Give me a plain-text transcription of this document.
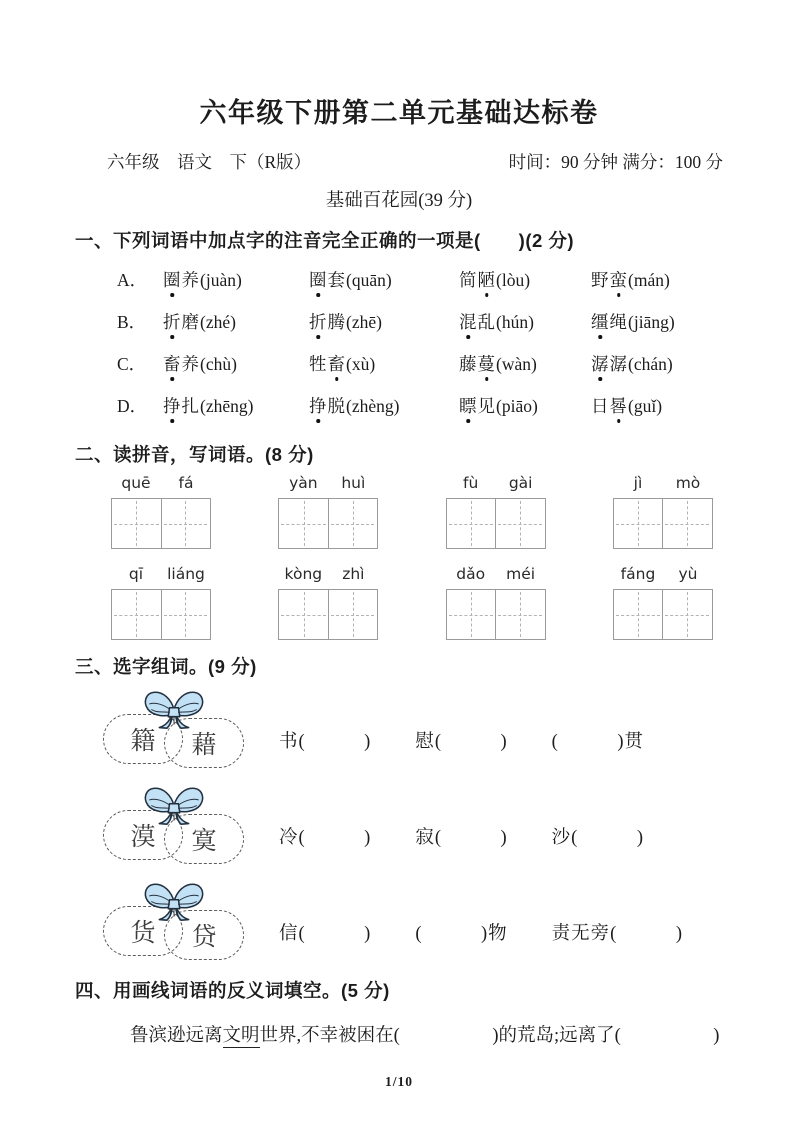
六年级下册第二单元基础达标卷
六年级　语文　下（R版）	时间：90 分钟 满分：100 分
基础百花园(39 分)
一、下列词语中加点字的注音完全正确的一项是(　　)(2 分)
A． 圈养(juàn)	圈套(quān)	简陋(lòu)	野蛮(mán)
B． 折磨(zhé)	折腾(zhē)	混乱(hún)	缰绳(jiāng)
C． 畜养(chù)	牲畜(xù)	藤蔓(wàn)	潺潺(chán)
D． 挣扎(zhēng)	挣脱(zhèng)	瞟见(piāo)	日晷(guǐ)
二、读拼音，写词语。(8 分)
quē	fá	yàn	huì	fù	gài	jì	mò
qī	liáng	kòng	zhì	dǎo	méi	fáng	yù
三、选字组词。(9 分)
籍 藉	书(　　　) 慰(　　　) (　　　)贯
漠 寞	冷(　　　) 寂(　　　) 沙(　　　)
货 贷	信(　　　) (　　　)物 责无旁(　　　)
四、用画线词语的反义词填空。(5 分)
鲁滨逊远离文明世界,不幸被困在(　　　　　)的荒岛;远离了(　　　　　)
1/10
